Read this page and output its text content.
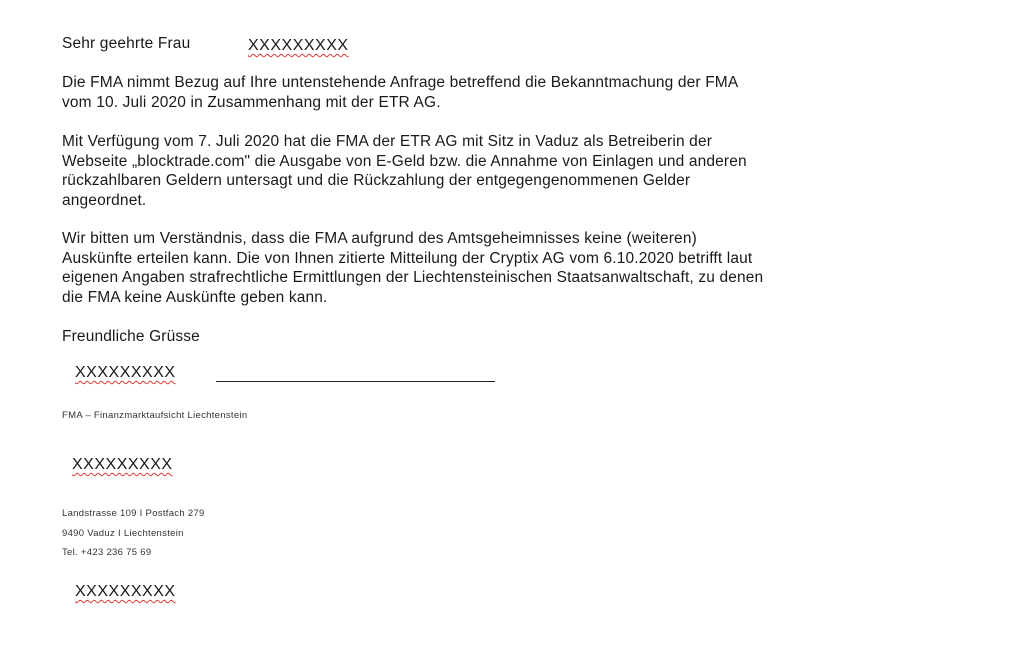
Sehr geehrte Frau	XXXXXXXXX

Die FMA nimmt Bezug auf Ihre untenstehende Anfrage betreffend die Bekanntmachung der FMA
vom 10. Juli 2020 in Zusammenhang mit der ETR AG.

Mit Verfügung vom 7. Juli 2020 hat die FMA der ETR AG mit Sitz in Vaduz als Betreiberin der
Webseite „blocktrade.com" die Ausgabe von E-Geld bzw. die Annahme von Einlagen und anderen
rückzahlbaren Geldern untersagt und die Rückzahlung der entgegengenommenen Gelder
angeordnet.

Wir bitten um Verständnis, dass die FMA aufgrund des Amtsgeheimnisses keine (weiteren)
Auskünfte erteilen kann. Die von Ihnen zitierte Mitteilung der Cryptix AG vom 6.10.2020 betrifft laut
eigenen Angaben strafrechtliche Ermittlungen der Liechtensteinischen Staatsanwaltschaft, zu denen
die FMA keine Auskünfte geben kann.

Freundliche Grüsse

XXXXXXXXX
FMA – Finanzmarktaufsicht Liechtenstein
XXXXXXXXX
Landstrasse 109 I Postfach 279
9490 Vaduz I Liechtenstein
Tel. +423 236 75 69
XXXXXXXXX
